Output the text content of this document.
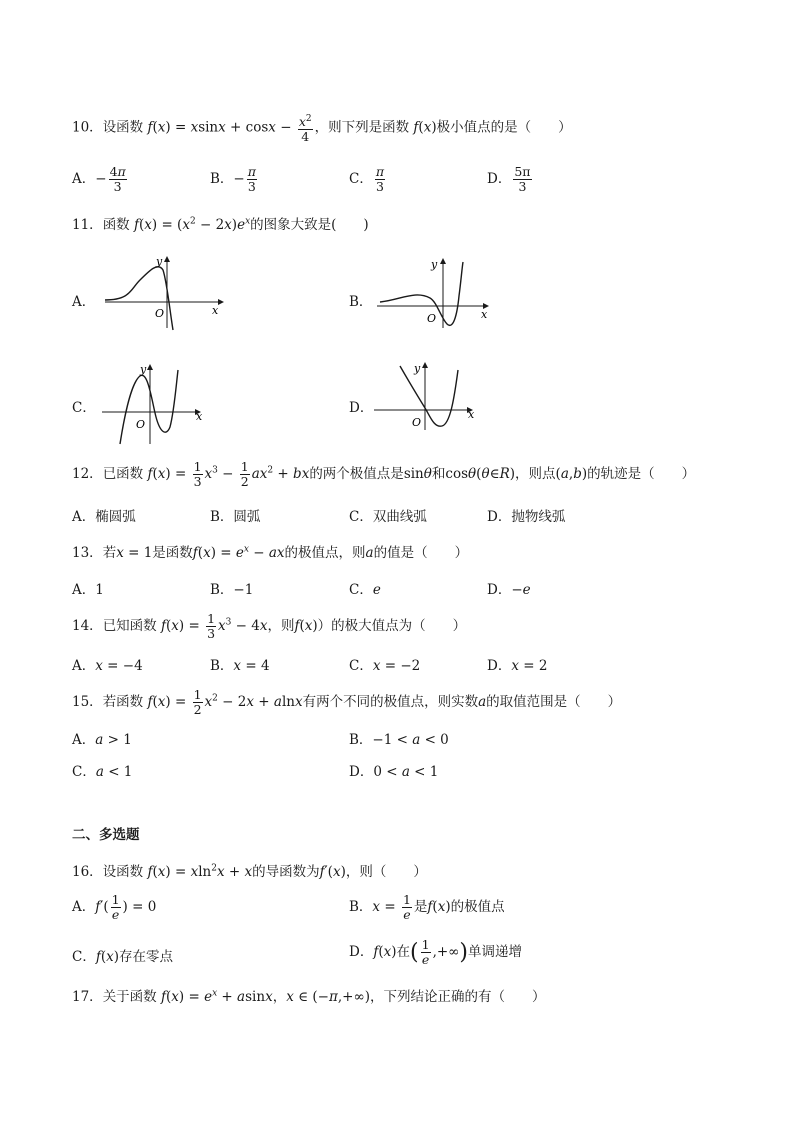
10．设函数 $f(x) = xsinx + \cos x - \frac{x^2}{4}$ ，则下列是函数 f(x)极小值点的是（　　）
A．− $\frac{4\pi}{3}$	B．− $\frac{\pi}{3}$	C． $\frac{\pi}{3}$	D． $\frac{5\pi}{3}$
11．函数 $f(x) = (x^2 - 2x)e^x$的图象大致是(　　)
A．
y
x
O
B．
y
x
O
C．
y
x
O
D．
y
x
O
12．已函数 $f(x) = \frac{1}{3} x^3 - \frac{1}{2} ax^2$ + bx的两个极值点是sinθ和cosθ(θ∈R)，则点(a,b)的轨迹是（　　）
A．椭圆弧	B．圆弧	C．双曲线弧	D．抛物线弧
13．若x = 1是函数$f(x) = e^x$ − ax的极值点，则a的值是（　　）
A．1	B．−1	C．e	D．−e
14．已知函数 $f(x) = \frac{1}{3} x^3 - 4x$，则f(x)）的极大值点为（　　）
A．x = −4	B．x = 4	C．x = −2	D．x = 2
15．若函数 $f(x) = \frac{1}{2} x^2 - 2x + alnx$有两个不同的极值点，则实数a的取值范围是（　　）
A．a > 1	B．−1 < a < 0
C．a < 1	D．0 < a < 1
二、多选题
16．设函数 f(x) = xln$^2$x + x的导函数为f′(x)，则（　　）
A．$f'( \frac{1}{e}$ ) = 0	B．$x = \frac{1}{e}$ 是f(x)的极值点
C．f(x)存在零点	D．f(x)在( $\frac{1}{e}$ ,+∞)单调递增
17．关于函数 $f(x) = e^x + asinx$，x ∈ (−π,+∞)，下列结论正确的有（　　）
